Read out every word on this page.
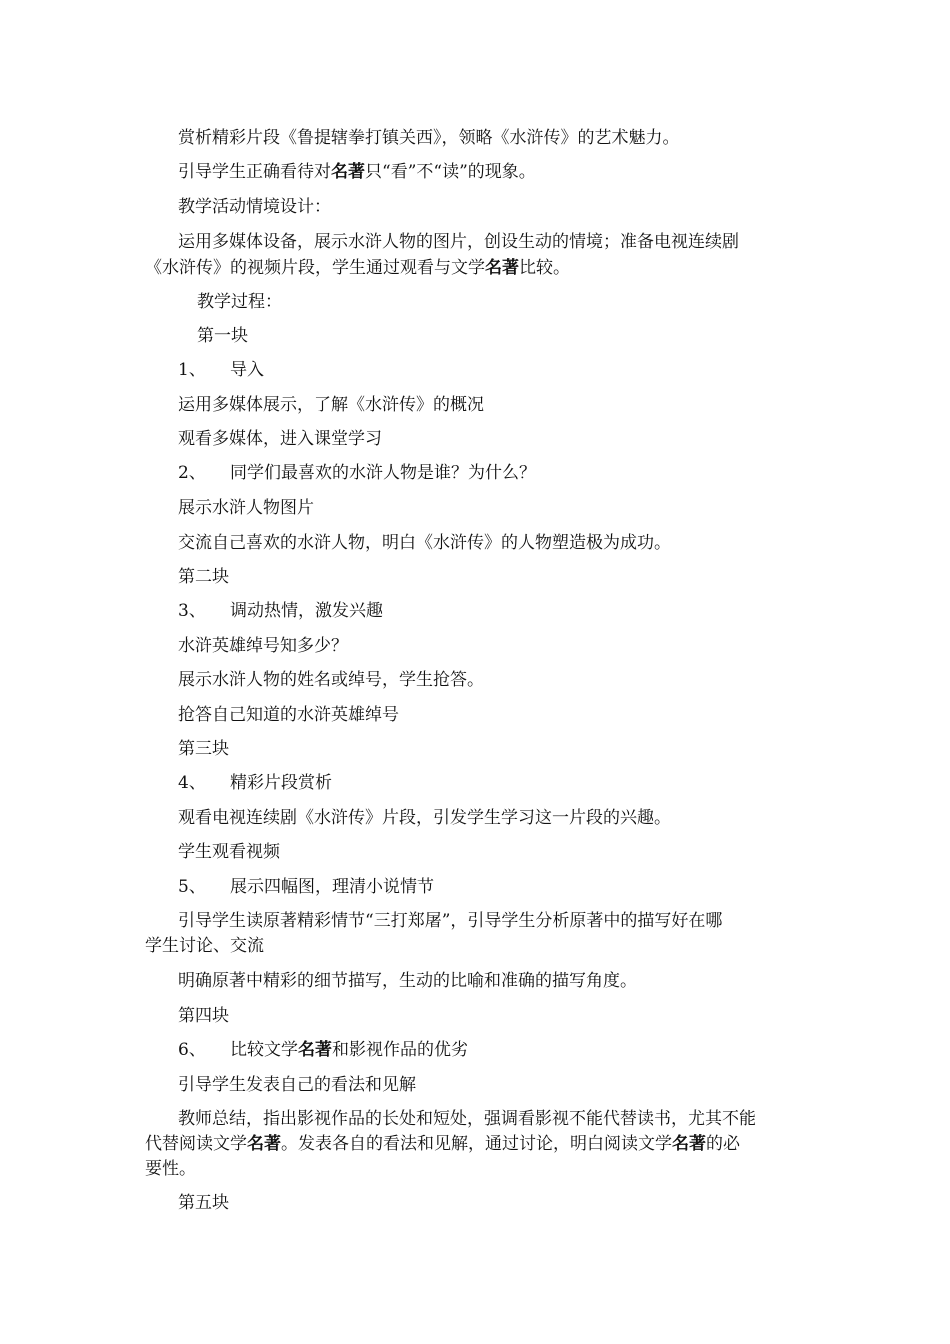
赏析精彩片段《鲁提辖拳打镇关西》，领略《水浒传》的艺术魅力。
引导学生正确看待对名著只“看”不“读”的现象。
教学活动情境设计：
运用多媒体设备，展示水浒人物的图片，创设生动的情境；准备电视连续剧
《水浒传》的视频片段，学生通过观看与文学名著比较。
教学过程：
第一块
1、 导入
运用多媒体展示，了解《水浒传》的概况
观看多媒体，进入课堂学习
2、 同学们最喜欢的水浒人物是谁？为什么？
展示水浒人物图片
交流自己喜欢的水浒人物，明白《水浒传》的人物塑造极为成功。
第二块
3、 调动热情，激发兴趣
水浒英雄绰号知多少？
展示水浒人物的姓名或绰号，学生抢答。
抢答自己知道的水浒英雄绰号
第三块
4、 精彩片段赏析
观看电视连续剧《水浒传》片段，引发学生学习这一片段的兴趣。
学生观看视频
5、 展示四幅图，理清小说情节
引导学生读原著精彩情节“三打郑屠”，引导学生分析原著中的描写好在哪
学生讨论、交流
明确原著中精彩的细节描写，生动的比喻和准确的描写角度。
第四块
6、 比较文学名著和影视作品的优劣
引导学生发表自己的看法和见解
教师总结，指出影视作品的长处和短处，强调看影视不能代替读书，尤其不能
代替阅读文学名著。发表各自的看法和见解，通过讨论，明白阅读文学名著的必
要性。
第五块
